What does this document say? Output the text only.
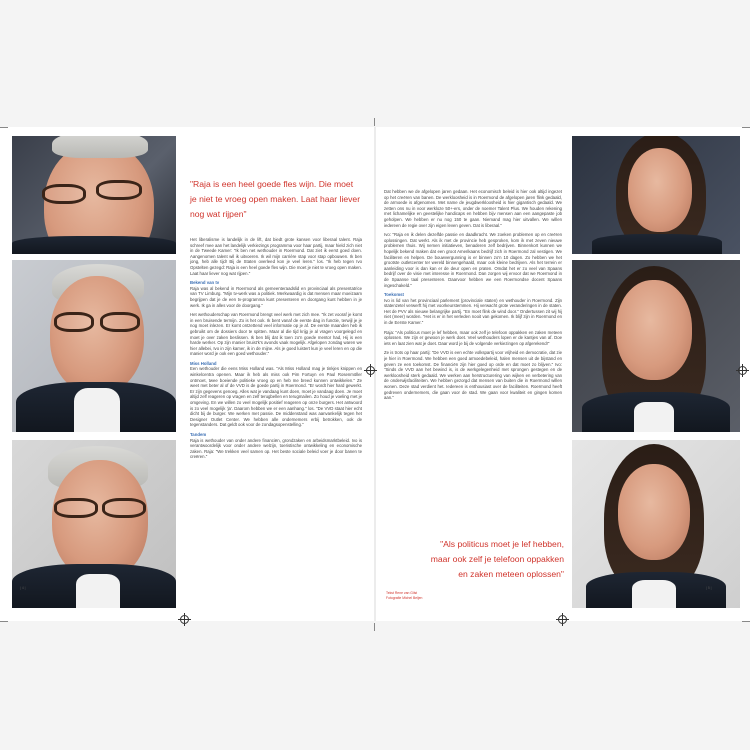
"Raja is een heel goede fles wijn. Die moet je niet te vroeg open maken. Laat haar liever nog wat rijpen"

Het liberalisme is landelijk in de lift, dat biedt grote kansen voor liberaal talent. Raja schreef mee aan het landelijk verkiezings programma voor haar partij, maar hield zich niet in de Tweede Kamer: "Ik ben net wethouder in Roermond. Dat ziet ik eerst goed doen. Aangenomen talent wil ik uitvoeren. Ik wil mijn carrière stap voor stap opbouwen. Ik ben jong, heb alle tijd! Bij de Staten overleed kon je veel leren." los. "Ik heb tegen Ivo Opstelten gezegd: Raja is een heel goede fles wijn. Die moet je niet te vroeg open maken. Laat haar liever nog wat rijpen."

Bekend van tv

Raja was al bekend in Roermond als gemeenteraadslid en provinciaal als presentatrice van TV Limburg. "Mijn tv-werk was a politiek. Merkwaardig is dat mensen maar moeizaam begrijpen dat je de een tv-programma kunt presenteren en doorgang kunt hebben in je werk. Ik ga in alles voor de doorgang."

Het wethouderschap van Roermond brengt veel werk met zich mee. "Ik zet vooraf je komt in een bruisende termijn. Zo is het ook. Ik bent vanaf de eerste dag in functie, terwijl je je nog moet inlezen. Er komt ontzettend veel informatie op je af. De eerste maanden heb ik gebruikt om de dossiers door te spitten. Maar al die tijd krijg je al vragen voorgelegd en moet je over zaken beslissen. Ik ben blij dat ik toen zo'n goede mentor had, Hij is een harde werker. Op zijn manier bruist'k's avonds vaak mogelijk. Afgelopen zondag waren we hier allebei, Ivo in zijn kamer, ik in de mijne. Als je goed luistert kun je veel leren en op die manier word je ook een goed wethouder."

Miss Holland

Een wethouder die eens Miss Holland was. "Als Miss Holland mag je tinkjes knippen en winkelcentra openen. Maar ik heb als miss ook Pim Fortuyn en Paul Rosenmöller ontmoet, twee boeiende politieke vroeg op en heb me breed kunnen ontwikkelen." Ze weet met beter al of de VVD is de goede partij in Roermond. "Er wordt hier hard gewerkt. Er zijn gegevens genoeg. Alles wat je vandaag kunt doen, moet je vandaag doen. Je moet altijd zelf reageren op vragen en zelf terugbellen en terugmailen. Zo houd je voeling met je omgeving. En we willen zo veel mogelijk positief reageren op onze burgers. Het antwoord is zo veel mogelijk 'ja'. Daarom hebben we er een aanhang." los. "De VVD staat hier echt dicht bij de burger. We werken met passie. De middenstand was aanvankelijk tegen het Designer Outlet Center. We hebben alle ondernemers erbij betrokken, ook de tegenstanders. Dat geldt ook voor de zondagsopenstelling."

Tandem

Raja is wethouder van onder andere financiën, grondzaken en arbeidsmarktbeleid. Ivo is verantwoordelijk voor onder andere welzijn, toeristische ontwikkeling en economische zaken. Raja: "We trekken veel samen op. Het beste sociale beleid voer je door banen te creëren."

| 4 |

Dat hebben we de afgelopen jaren gedaan. Het economisch beleid is hier ook altijd ingezet op het creëren van banen. De werkloosheid is in Roermond de afgelopen jaren flink gedaald, de armoede is afgenomen. Met name de jeugdwerkloosheid is hier gigantisch gedaald. We zetten ons nu in voor werkloze 50+-ers, onder de noemer Talent Plus. We houden rekening met lichamelijke en geestelijke handicaps en hebben bijv mensen aan een aangepaste job geholpen. We hebben er nu nog 150 te gaan. Niemand mag hier uitvallen. We willen iedereen de regie over zijn eigen leven geven. Dat is liberaal."

Ivo: "Raja en ik delen dezelfde passie en daadkracht. We zoeken problemen op en creëren oplossingen. Dat werkt. Als ik met de provincie heb gesproken, kom ik met zeven nieuwe problemen thuis. Wij nemen initiatieven, benaderen zelf bedrijven. Binnenkort kunnen we hopelijk bekend maken dat een groot Amerikaans bedrijf zich in Roermond zal vestigen. We faciliteren en helpen. De bouwvergunning is er binnen zo'n 10 dagen. Zo hebben we het grootste outletcenter ter wereld binnengehaald, maar ook kleine bedrijven. Als het terrein er aanleiding voor is dan kan er de deur open en praten. Omdat het er zo veel van Spaans bedrijf over de visie met interesse in Roermond. Dan zorgen wij ervoor dat we Roermond in de Spaanse taal presenteren. Daarvoor hebben we een Roermondse docent Spaans ingeschakeld."

Toekomst

Ivo is lid van het provinciaal parlement (provinciale staten) en wethouder in Roermond. Zijn statenzetel verwerft hij met voorkeurstemmen. Hij verwacht grote veranderingen in de staten. Het de PVV als nieuwe belangrijke partij. "En moet flink de wind door." Ondertussen zit wij hij niet (meer) worden. "Het is er in het verleden nooit van gekomen. Ik blijf zijn in Roermond en in de Eerste Kamer."

Raja: "Als politicus moet je lef hebben, maar ook zelf je telefoon oppakken en zaken meteen oplossen. We zijn er gewoon je werk doet. Veel wethouders lopen er de kantjes van af. Doe iets en laat zien wat je doet. Daar word je bij de volgende verkiezingen op afgerekend!"

Ze is trots op haar partij: "De VVD is een echte volkspartij voor vrijheid en democratie, dat zie je hier in Roermond. We hebben een goed armoedebeleid, halen mensen uit de bijstand en geven ze een toekomst. De financiën zijn hier goed op orde en dat moet zo blijven." Ivo: "Sinds de VVD aan het bewind is, is de werkgelegenheid met sprongen gestegen en de werkloosheid sterk gedaald. We werken aan herstructurering van wijken en verbetering van de onderwijsfaciliteiten. We hebben gezorgd dat mensen van buiten die in Roermond willen wonen. Deze stad verdient het. Iedereen is enthousiast over de faciliteiten. Roermond heeft gedreven ondernemers, die gaan voor de stad. We gaan voor kwaliteit en gingen komen aan."

"Als politicus moet je lef hebben, maar ook zelf je telefoon oppakken en zaken meteen oplossen"
Tekst Rene van Gilst
Fotografie Michel Beljen
| 5 |
